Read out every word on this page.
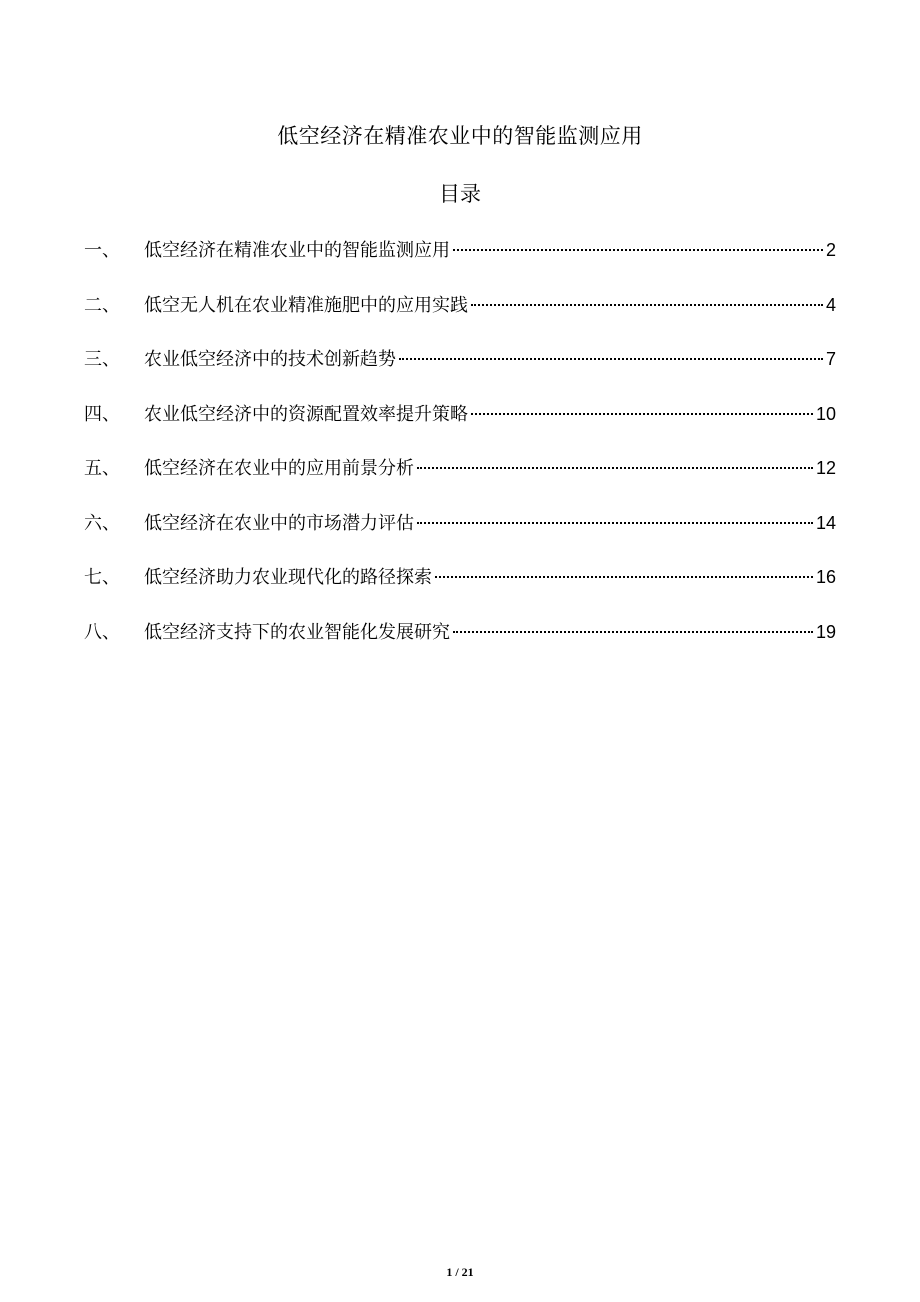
低空经济在精准农业中的智能监测应用
目录
一、	低空经济在精准农业中的智能监测应用	2
二、	低空无人机在农业精准施肥中的应用实践	4
三、	农业低空经济中的技术创新趋势	7
四、	农业低空经济中的资源配置效率提升策略	10
五、	低空经济在农业中的应用前景分析	12
六、	低空经济在农业中的市场潜力评估	14
七、	低空经济助力农业现代化的路径探索	16
八、	低空经济支持下的农业智能化发展研究	19
1 / 21
